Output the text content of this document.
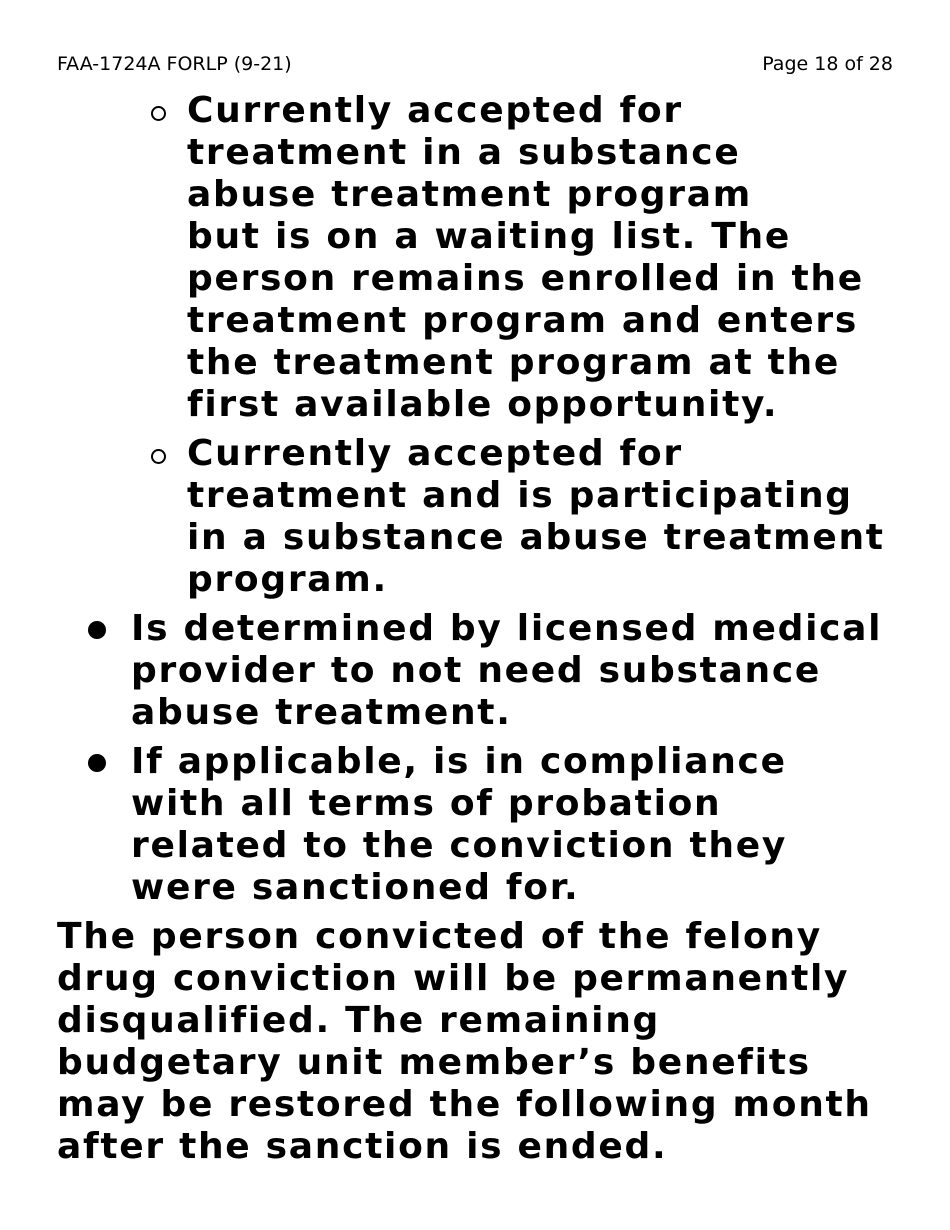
FAA-1724A FORLP (9-21)	Page 18 of 28
Currently accepted for
treatment in a substance
abuse treatment program
but is on a waiting list. The
person remains enrolled in the
treatment program and enters
the treatment program at the
first available opportunity.
Currently accepted for
treatment and is participating
in a substance abuse treatment
program.
Is determined by licensed medical
provider to not need substance
abuse treatment.
If applicable, is in compliance
with all terms of probation
related to the conviction they
were sanctioned for.
The person convicted of the felony
drug conviction will be permanently
disqualified. The remaining
budgetary unit member’s benefits
may be restored the following month
after the sanction is ended.
